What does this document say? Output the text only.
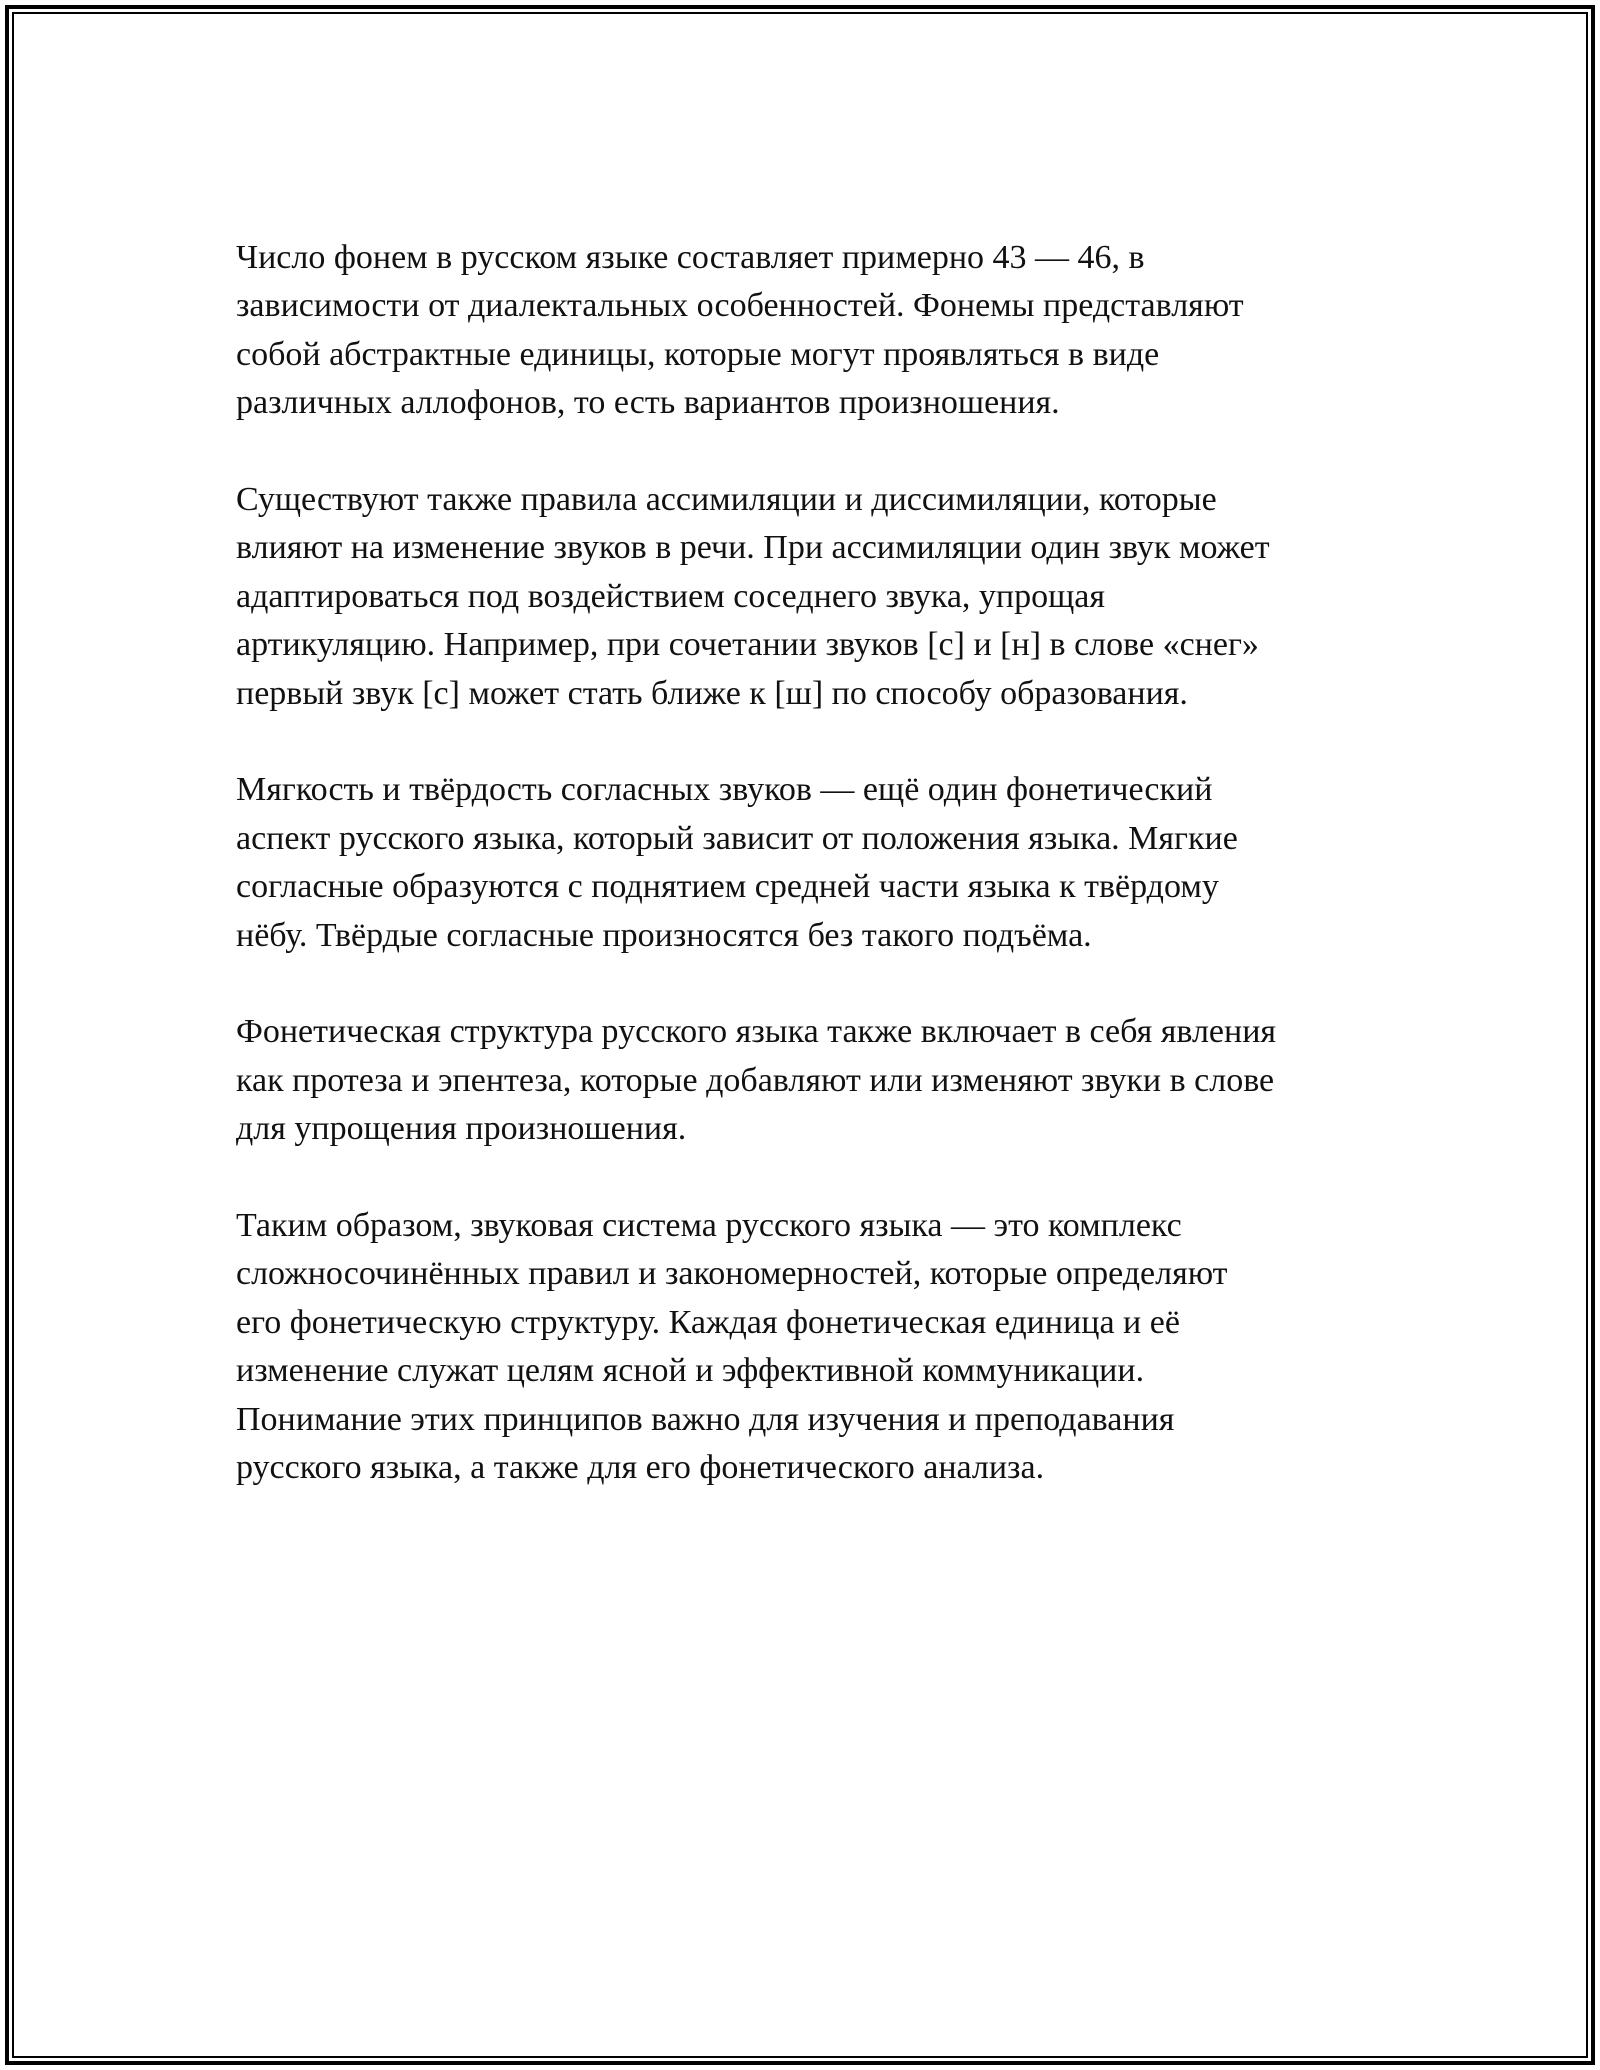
Число фонем в русском языке составляет примерно 43 — 46, в
зависимости от диалектальных особенностей. Фонемы представляют
собой абстрактные единицы, которые могут проявляться в виде
различных аллофонов, то есть вариантов произношения.

Существуют также правила ассимиляции и диссимиляции, которые
влияют на изменение звуков в речи. При ассимиляции один звук может
адаптироваться под воздействием соседнего звука, упрощая
артикуляцию. Например, при сочетании звуков [с] и [н] в слове «снег»
первый звук [с] может стать ближе к [ш] по способу образования.

Мягкость и твёрдость согласных звуков — ещё один фонетический
аспект русского языка, который зависит от положения языка. Мягкие
согласные образуются с поднятием средней части языка к твёрдому
нёбу. Твёрдые согласные произносятся без такого подъёма.

Фонетическая структура русского языка также включает в себя явления
как протеза и эпентеза, которые добавляют или изменяют звуки в слове
для упрощения произношения.

Таким образом, звуковая система русского языка — это комплекс
сложносочинённых правил и закономерностей, которые определяют
его фонетическую структуру. Каждая фонетическая единица и её
изменение служат целям ясной и эффективной коммуникации.
Понимание этих принципов важно для изучения и преподавания
русского языка, а также для его фонетического анализа.
